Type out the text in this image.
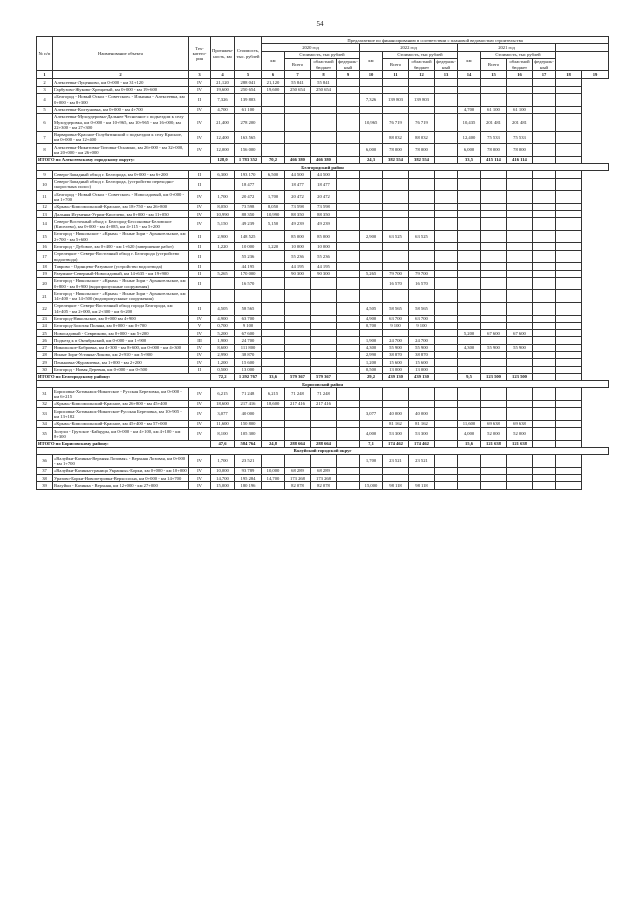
54
№ п/п	Наименование объекта	Тех- катего- рия	Протяжен- ность, км	Стоимость, тыс. рублей	Предлагаемое по финансированию в соответствии с плановой ведомостью строительства													
					2020 год				2022 год				2021 год					
					км	Стоимость, тыс рублей			км	Стоимость, тыс рублей			км	Стоимость, тыс рублей				
						Всего	областной бюджет	федераль- ный		Всего	областной бюджет	федераль- ный		Всего	областной бюджет	федераль- ный		
1	2	3	4	5	6	7	8	9	10	11	12	13	14	15	16	17	18	19
2	Алексеевка-Луценково, км 0+000 - км 31+120	IV	21,120	288 041	21,120	55 841	55 841											
3	Гарбузово-Жуково-Хрещатый, км 0+000 - км 19+600	IV	19,600	250 654	19,600	250 654	250 654											
4	«Белгород - Новый Оскол - Советское» - Ильинка - Алексеевка, км 0+000 - км 8+300	II	7,326	139 803					7,326	139 803	139 803							
5	Алексеевка-Колтуновка, км 0+000 - км 4+700	IV	4,700	61 100									4,700	61 100	61 100			
6	Алексеевка-Мухоудеровка-Дальнее Чесночное с подъездом к селу Мухоудеровка, км 0+000 - км 10+965, км 10+965 - км 16+000; км 22+300 - км 27+300	IV	21,400	278 200					10,965	76 719	76 719		10,435	201 481	201 481			
7	Варваровка-Красное-Голубятинский с подъездом к селу Красное, км 0+000 - км 12+400	IV	12,400	163 565						88 032	88 032		12,400	75 533	75 533			
8	Алексеевка-Никитовка-Титовка-Осьмино, км 26+000 - км 32+000, км 20+000 - км 26+000	IV	12,000	156 000					6,000	78 000	78 000		6,000	78 000	78 000			
ИТОГО по Алексеевскому городскому округу:			128,0	1 783 352	70,2	466 380	466 380		24,3	382 554	382 554		33,5	415 114	416 114			
Белгородский район																		
9	Северо-Западный обход г. Белгорода, км 0+000 - км 6+200	II	6,300	193 170	6,500	44 500	44 500											
10	Северо-Западный обход г. Белгорода, (устройство переходно-скоростных полос)	II		18 477		18 477	18 477											
11	«Белгород - Новый Оскол - Советское» - Новосадовый, км 0+000 - км 1+700	IV	1,700	20 472	1,700	20 472	20 472											
12	«Крым»-Комсомольский-Красное, км 18+750 - км 26+800	IV	8,050	73 598	8,050	73 598	73 598											
13	Дальняя Игуменка-Угрим-Киселево, км 0+000 - км 11+050	IV	10,990	88 350	10,990	88 350	88 350											
14	Северо-Восточный обход г. Белгород-Бессоновка-Беловское (Киселево), км 0+000 - км 4+085, км 4+115 - км 5+200	IV	5,150	49 239	5,150	49 239	49 239											
15	Белгород - Никольское - «Крым» - Ясные Зори - Архангельское, км 2+700 - км 5+600	II	2,900	148 525		85 000	85 000		2,900	63 525	63 525							
16	Белгород - Дубовое, км 0+400 - км 1+620 (завершение работ)	II	1,220	10 000	1,220	10 000	10 000											
17	Стрелецкое - Северо-Восточный обход г. Белгорода (устройство водоотвода)	II		55 236		55 236	55 236											
18	Таврово - Одинцево-Разумное (устройство водоотвода)	II		44 195		44 195	44 195											
19	Разумное-Северный-Новосадовый, км 14+635 - км 19+900	II	5,265	170 000		90 300	90 300		5,265	79 700	79 700							
20	Белгород - Никольское - «Крым» - Ясные Зори - Архангельское, км 0+800 - км 0+900 (водопропускные сооружения)	II		16 570						16 570	16 570							
21	Белгород - Никольское - «Крым» - Ясные Зори - Архангельское, км 14+400 - км 14+500 (водопропускные сооружения)																	
22	Стрелецкое - Северо-Восточный обход города Белгорода, км 14+405 - км 2+000, км 2+300 - км 6+200	II	4,505	58 565					4,505	58 565	58 565							
23	Белгород-Никольское, км 0+000 км 4+900	IV	4,900	63 700					4,900	63 700	63 700							
24	Белгород-Золотая Поляна, км 0+000 - км 0+700	V	0,700	9 100					0,700	9 100	9 100							
25	Новосадовый - Севрюково, км 0+000 - км 5+200	IV	5,200	67 600									5,200	67 600	67 600			
26	Подъезд к п Октябрьский, км 0+000 - км 1+900	III	1,900	24 700					1,900	24 700	24 700							
27	Никольское-Бобровка, км 4+300 - км 8+600, км 0+000 - км 4+300	IV	8,600	111 800					4,300	55 900	55 900		4,300	55 900	55 900			
28	Ясные Зори-Устинка-Локово, км 2+910 - км 5+900	IV	2,990	38 870					2,990	38 870	38 870							
29	Пеньковка-Журавлевка, км 1+000 - км 2+200	IV	1,200	15 600					1,200	15 600	15 600							
30	Белгород - Новая Деревня, км 0+000 - км 0+500	II	0,500	13 000					0,500	13 000	13 000							
ИТОГО по Белгородскому району:			72,2	1 292 767	33,6	579 367	579 367		29,2	439 130	439 130		9,5	123 500	123 500			
Борисовский район																		
31	Борисовка-Хотмыжск-Никитское - Русская Березовка, км 0+000 - км 6+215	IV	6,215	71 248	6,215	71 248	71 248											
32	«Крым»-Комсомольский-Красное, км 26+800 - км 45+400	IV	18,600	217 416	18,600	217 416	217 416											
33	Борисовка-Хотмыжск-Никитское-Русская Березовка, км 10+905 - км 13+182	IV	3,077	40 000					3,077	40 000	40 000							
34	«Крым»-Комсомольский-Красное, км 45+400 - км 57+000	IV	11,600	150 800						81 162	81 162		11,600	69 638	69 638			
35	Золухи - Грузское -Байцуры, км 0+000 - км 4+100, км 4+100 - км 8+300	IV	8,100	105 300					4,000	53 300	53 300		4,000	52 000	52 000			
ИТОГО по Борисовскому району:			47,6	584 764	24,8	288 664	288 664		7,1	174 462	174 462		15,6	121 638	121 638			
Валуйский городской округ																		
36	«Валуйки-Казинка-Верхняя Лозовая» - Верхняя Лозовая, км 0+000 - км 1+700	IV	1,700	23 521					1,700	23 521	23 521							
37	«Валуйки-Казинка-граница Украины»-Борки, км 0+000 - км 10+000	IV	10,000	93 789	10,000	68 289	68 289											
38	Уразово-Борки-Новопетровка-Верхососна, км 0+000 - км 14+700	IV	14,700	195 284	14,700	173 268	173 268											
39	Валуйки - Казинка - Верхняя, км 12+000 - км 27+000	IV	15,000	180 196		82 078	82 078		15,000	98 118	98 118							
